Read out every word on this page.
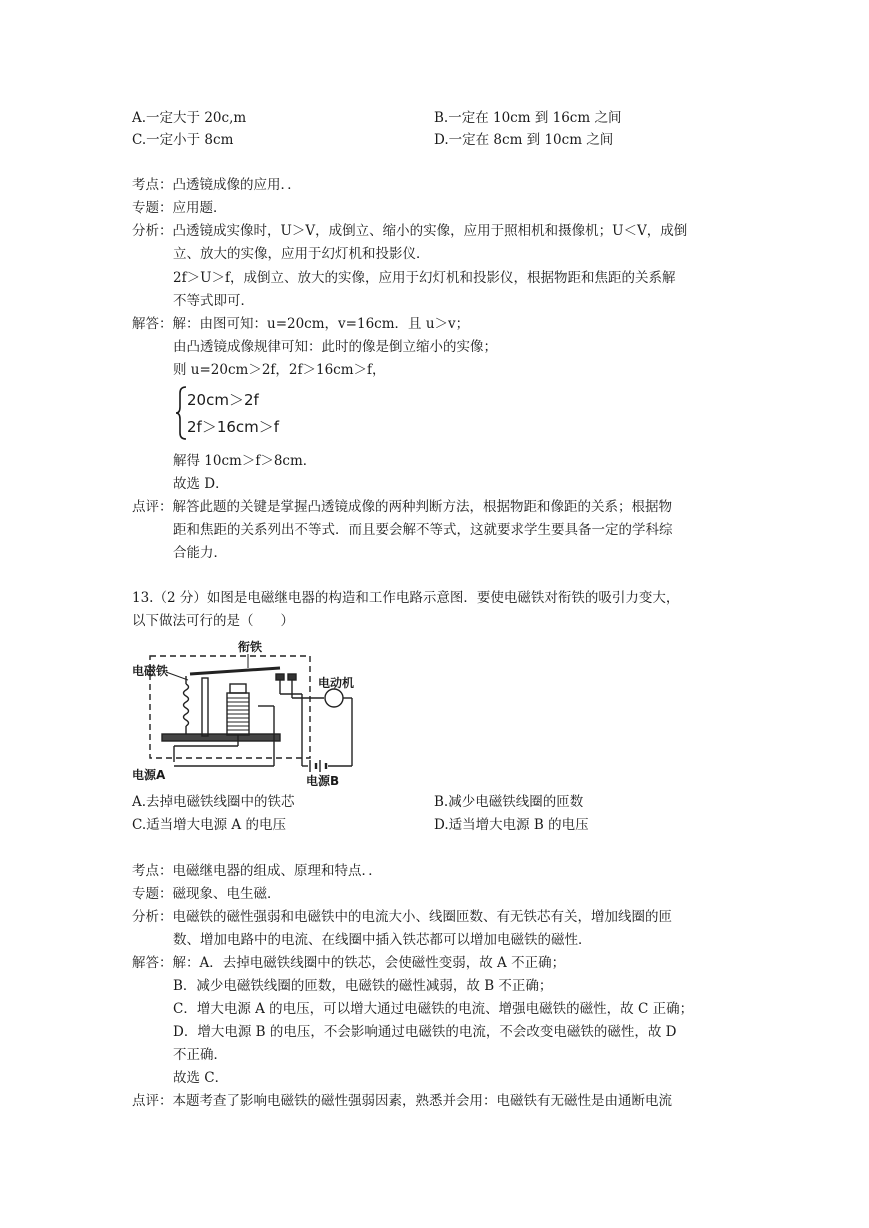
A.一定大于 20c,m	B.一定在 10cm 到 16cm 之间
C.一定小于 8cm	D.一定在 8cm 到 10cm 之间
考点：凸透镜成像的应用．．
专题：应用题．
分析：凸透镜成实像时，U＞V，成倒立、缩小的实像，应用于照相机和摄像机；U＜V，成倒
立、放大的实像，应用于幻灯机和投影仪．
2f＞U＞f，成倒立、放大的实像，应用于幻灯机和投影仪，根据物距和焦距的关系解
不等式即可．
解答：解：由图可知：u=20cm，v=16cm．且 u＞v；
由凸透镜成像规律可知：此时的像是倒立缩小的实像；
则 u=20cm＞2f，2f＞16cm＞f，
20cm＞2f
2f＞16cm＞f
解得 10cm＞f＞8cm．
故选 D．
点评：解答此题的关键是掌握凸透镜成像的两种判断方法，根据物距和像距的关系；根据物
距和焦距的关系列出不等式．而且要会解不等式，这就要求学生要具备一定的学科综
合能力．
13.（2 分）如图是电磁继电器的构造和工作电路示意图．要使电磁铁对衔铁的吸引力变大，
以下做法可行的是（　　）
衔铁
电磁铁
电动机
电源A	电源B
A.去掉电磁铁线圈中的铁芯	B.减少电磁铁线圈的匝数
C.适当增大电源 A 的电压	D.适当增大电源 B 的电压
考点：电磁继电器的组成、原理和特点．．
专题：磁现象、电生磁．
分析：电磁铁的磁性强弱和电磁铁中的电流大小、线圈匝数、有无铁芯有关，增加线圈的匝
数、增加电路中的电流、在线圈中插入铁芯都可以增加电磁铁的磁性．
解答：解：A．去掉电磁铁线圈中的铁芯，会使磁性变弱，故 A 不正确；
B．减少电磁铁线圈的匝数，电磁铁的磁性减弱，故 B 不正确；
C．增大电源 A 的电压，可以增大通过电磁铁的电流、增强电磁铁的磁性，故 C 正确；
D．增大电源 B 的电压，不会影响通过电磁铁的电流，不会改变电磁铁的磁性，故 D
不正确．
故选 C．
点评：本题考查了影响电磁铁的磁性强弱因素，熟悉并会用：电磁铁有无磁性是由通断电流
